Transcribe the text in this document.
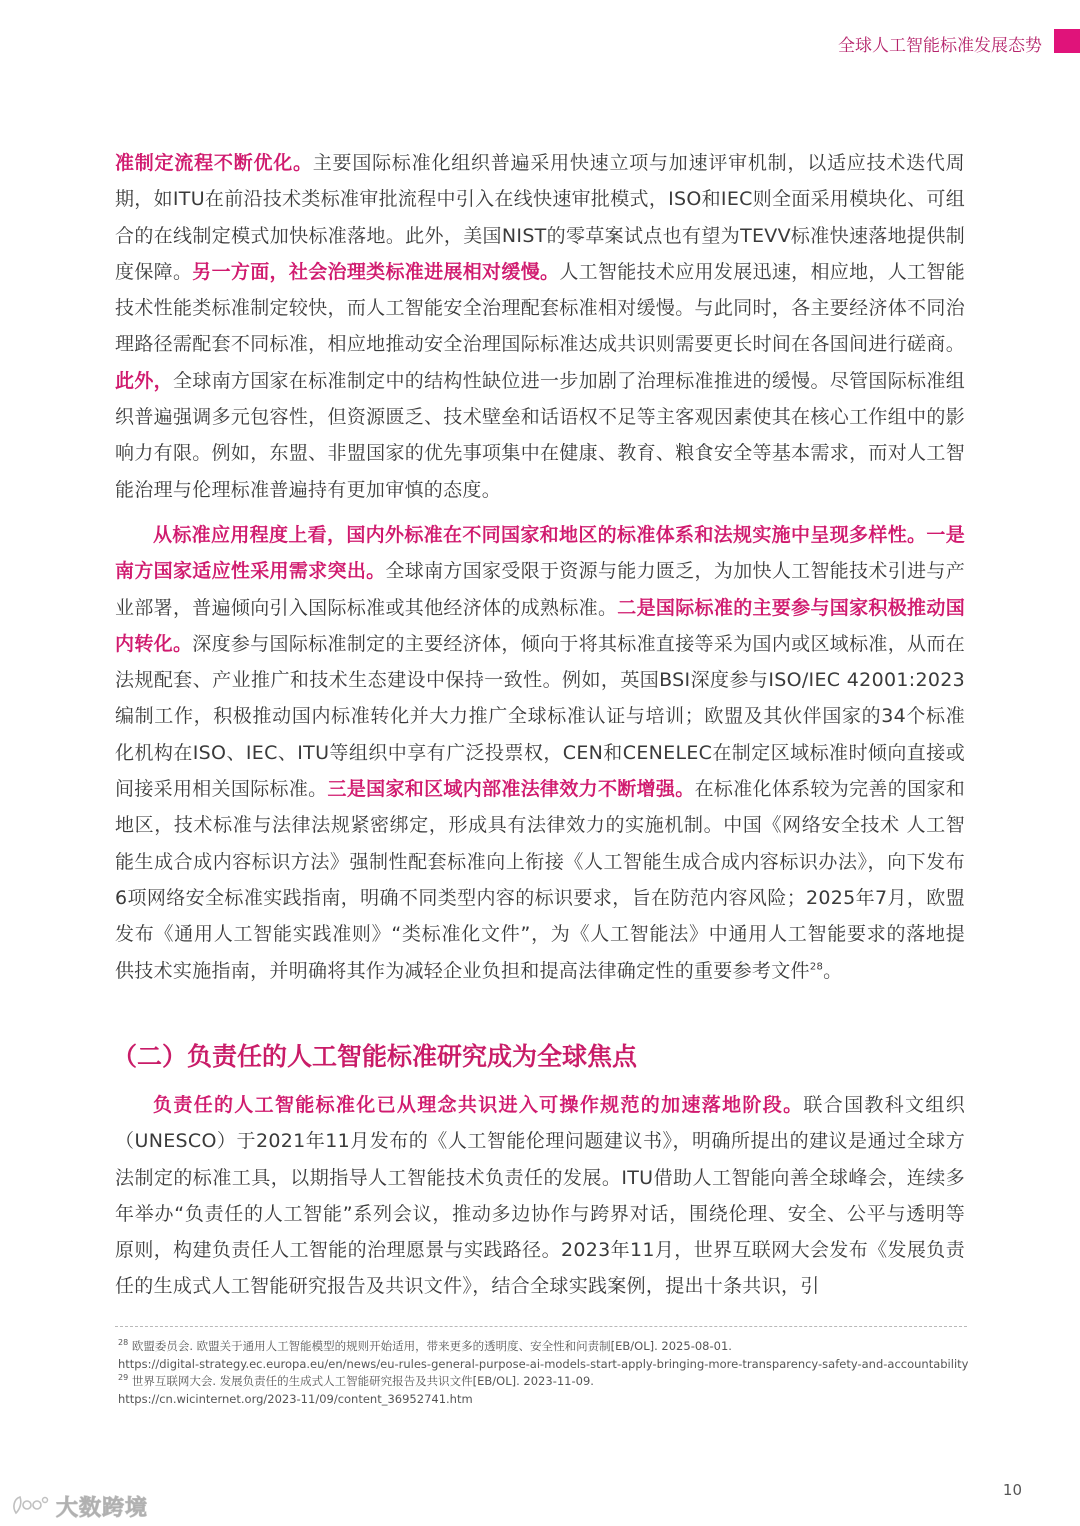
全球人工智能标准发展态势

准制定流程不断优化。主要国际标准化组织普遍采用快速立项与加速评审机制，以适应技术迭代周期，如ITU在前沿技术类标准审批流程中引入在线快速审批模式，ISO和IEC则全面采用模块化、可组合的在线制定模式加快标准落地。此外，美国NIST的零草案试点也有望为TEVV标准快速落地提供制度保障。另一方面，社会治理类标准进展相对缓慢。人工智能技术应用发展迅速，相应地，人工智能技术性能类标准制定较快，而人工智能安全治理配套标准相对缓慢。与此同时，各主要经济体不同治理路径需配套不同标准，相应地推动安全治理国际标准达成共识则需要更长时间在各国间进行磋商。此外，全球南方国家在标准制定中的结构性缺位进一步加剧了治理标准推进的缓慢。尽管国际标准组织普遍强调多元包容性，但资源匮乏、技术壁垒和话语权不足等主客观因素使其在核心工作组中的影响力有限。例如，东盟、非盟国家的优先事项集中在健康、教育、粮食安全等基本需求，而对人工智能治理与伦理标准普遍持有更加审慎的态度。

从标准应用程度上看，国内外标准在不同国家和地区的标准体系和法规实施中呈现多样性。一是南方国家适应性采用需求突出。全球南方国家受限于资源与能力匮乏，为加快人工智能技术引进与产业部署，普遍倾向引入国际标准或其他经济体的成熟标准。二是国际标准的主要参与国家积极推动国内转化。深度参与国际标准制定的主要经济体，倾向于将其标准直接等采为国内或区域标准，从而在法规配套、产业推广和技术生态建设中保持一致性。例如，英国BSI深度参与ISO/IEC 42001:2023编制工作，积极推动国内标准转化并大力推广全球标准认证与培训；欧盟及其伙伴国家的34个标准化机构在ISO、IEC、ITU等组织中享有广泛投票权，CEN和CENELEC在制定区域标准时倾向直接或间接采用相关国际标准。三是国家和区域内部准法律效力不断增强。在标准化体系较为完善的国家和地区，技术标准与法律法规紧密绑定，形成具有法律效力的实施机制。中国《网络安全技术 人工智能生成合成内容标识方法》强制性配套标准向上衔接《人工智能生成合成内容标识办法》，向下发布6项网络安全标准实践指南，明确不同类型内容的标识要求，旨在防范内容风险；2025年7月，欧盟发布《通用人工智能实践准则》“类标准化文件”，为《人工智能法》中通用人工智能要求的落地提供技术实施指南，并明确将其作为减轻企业负担和提高法律确定性的重要参考文件$^{28}$。

（二）负责任的人工智能标准研究成为全球焦点

负责任的人工智能标准化已从理念共识进入可操作规范的加速落地阶段。联合国教科文组织（UNESCO）于2021年11月发布的《人工智能伦理问题建议书》，明确所提出的建议是通过全球方法制定的标准工具，以期指导人工智能技术负责任的发展。ITU借助人工智能向善全球峰会，连续多年举办“负责任的人工智能”系列会议，推动多边协作与跨界对话，围绕伦理、安全、公平与透明等原则，构建负责任人工智能的治理愿景与实践路径。2023年11月，世界互联网大会发布《发展负责任的生成式人工智能研究报告及共识文件》，结合全球实践案例，提出十条共识，引

$^{28}$ 欧盟委员会. 欧盟关于通用人工智能模型的规则开始适用，带来更多的透明度、安全性和问责制[EB/OL]. 2025-08-01.

https://digital-strategy.ec.europa.eu/en/news/eu-rules-general-purpose-ai-models-start-apply-bringing-more-transparency-safety-and-accountability

$^{29}$ 世界互联网大会. 发展负责任的生成式人工智能研究报告及共识文件[EB/OL]. 2023-11-09.

https://cn.wicinternet.org/2023-11/09/content_36952741.htm

10
大数跨境
